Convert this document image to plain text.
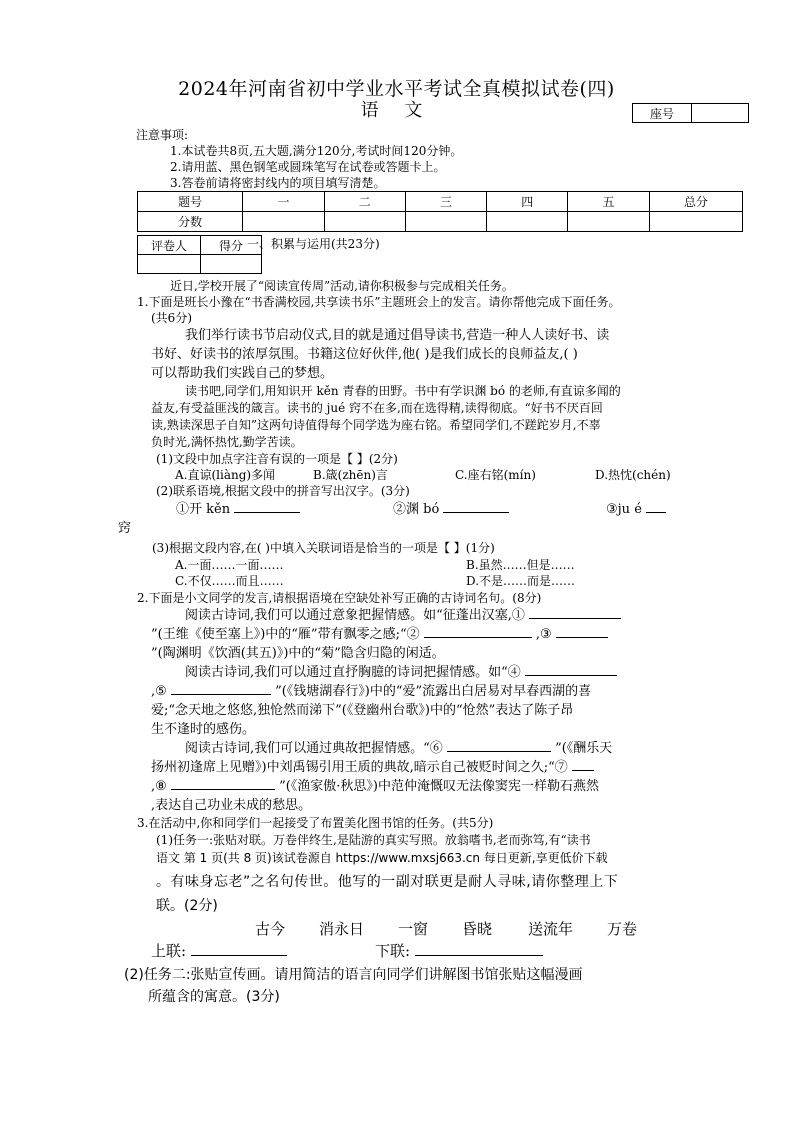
2024年河南省初中学业水平考试全真模拟试卷(四)
语 文	座号	
注意事项:
1.本试卷共8页,五大题,满分120分,考试时间120分钟。
2.请用蓝、黑色钢笔或圆珠笔写在试卷或答题卡上。
3.答卷前请将密封线内的项目填写清楚。
题号	一	二	三	四	五	总分
分数						
评卷人	得分
	一、积累与运用(共23分)
近日,学校开展了“阅读宣传周”活动,请你积极参与完成相关任务。
1.下面是班长小豫在“书香满校园,共享读书乐”主题班会上的发言。请你帮他完成下面任务。
(共6分)
我们举行读书节启动仪式,目的就是通过倡导读书,营造一种人人读好书、读
书好、好读书的浓厚氛围。书籍这位好伙伴,他( )是我们成长的良师益友,( )
可以帮助我们实践自己的梦想。
读书吧,同学们,用知识开 kěn 青春的田野。书中有学识渊 bó 的老师,有直谅多闻的
益友,有受益匪浅的箴言。读书的 jué 窍不在多,而在选得精,读得彻底。“好书不厌百回
读,熟读深思子自知”这两句诗值得每个同学选为座右铭。希望同学们,不蹉跎岁月,不辜
负时光,满怀热忱,勤学苦读。
(1)文段中加点字注音有误的一项是【 】(2分)
A.直谅(liàng)多闻	B.箴(zhēn)言	C.座右铭(mín)	D.热忱(chén)
(2)联系语境,根据文段中的拼音写出汉字。(3分)
①开 kěn	②渊 bó	③ju é
窍
(3)根据文段内容,在( )中填入关联词语是恰当的一项是【 】(1分)
A.一面……一面……	B.虽然……但是……
C.不仅……而且……	D.不是……而是……
2.下面是小文同学的发言,请根据语境在空缺处补写正确的古诗词名句。(8分)
阅读古诗词,我们可以通过意象把握情感。如“征蓬出汉塞,①
”(王维《使至塞上》)中的“雁”带有飘零之感;“②	,③
”(陶渊明《饮酒(其五)》)中的“菊”隐含归隐的闲适。
阅读古诗词,我们可以通过直抒胸臆的诗词把握情感。如“④
,⑤	”(《钱塘湖春行》)中的“爱”流露出白居易对早春西湖的喜
爱;“念天地之悠悠,独怆然而涕下”(《登幽州台歌》)中的“怆然”表达了陈子昂
生不逢时的感伤。
阅读古诗词,我们可以通过典故把握情感。“⑥	”(《酬乐天
扬州初逢席上见赠》)中刘禹锡引用王质的典故,暗示自己被贬时间之久;“⑦
,⑧	”(《渔家傲·秋思》)中范仲淹慨叹无法像窦宪一样勒石燕然
,表达自己功业未成的愁思。
3.在活动中,你和同学们一起接受了布置美化图书馆的任务。(共5分)
(1)任务一:张贴对联。万卷伴终生,是陆游的真实写照。放翁嗜书,老而弥笃,有“读书
语文 第 1 页(共 8 页)该试卷源自 https://www.mxsj663.cn 每日更新,享更低价下载
。有味身忘老”之名句传世。他写的一副对联更是耐人寻味,请你整理上下
联。(2分)
古今 消永日 一窗 昏晓 送流年 万卷
上联:	下联:
(2)任务二:张贴宣传画。请用简洁的语言向同学们讲解图书馆张贴这幅漫画
所蕴含的寓意。(3分)
